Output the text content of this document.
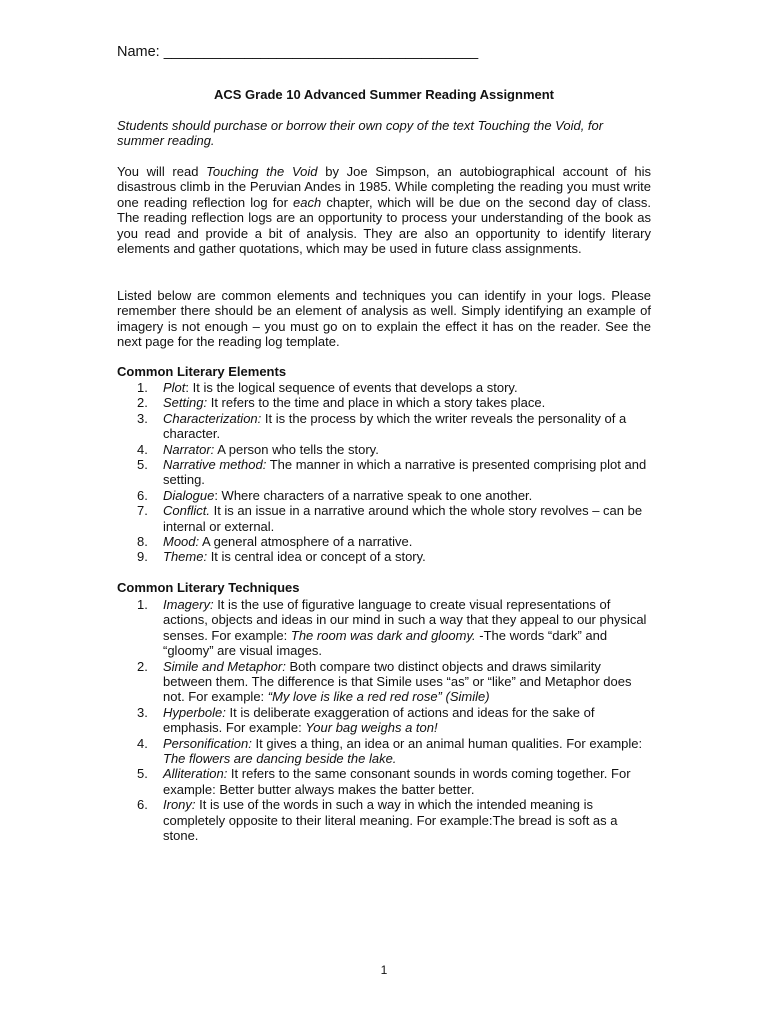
Name: _______________________________________
ACS Grade 10 Advanced Summer Reading Assignment

Students should purchase or borrow their own copy of the text Touching the Void, for summer reading.

You will read Touching the Void by Joe Simpson, an autobiographical account of his disastrous climb in the Peruvian Andes in 1985. While completing the reading you must write one reading reflection log for each chapter, which will be due on the second day of class. The reading reflection logs are an opportunity to process your understanding of the book as you read and provide a bit of analysis. They are also an opportunity to identify literary elements and gather quotations, which may be used in future class assignments.

Listed below are common elements and techniques you can identify in your logs. Please remember there should be an element of analysis as well. Simply identifying an example of imagery is not enough – you must go on to explain the effect it has on the reader. See the next page for the reading log template.

Common Literary Elements
1. Plot: It is the logical sequence of events that develops a story.
2. Setting: It refers to the time and place in which a story takes place.
3. Characterization: It is the process by which the writer reveals the personality of a character.
4. Narrator: A person who tells the story.
5. Narrative method: The manner in which a narrative is presented comprising plot and setting.
6. Dialogue: Where characters of a narrative speak to one another.
7. Conflict. It is an issue in a narrative around which the whole story revolves – can be internal or external.
8. Mood: A general atmosphere of a narrative.
9. Theme: It is central idea or concept of a story.
Common Literary Techniques
1. Imagery: It is the use of figurative language to create visual representations of actions, objects and ideas in our mind in such a way that they appeal to our physical senses. For example: The room was dark and gloomy. -The words “dark” and “gloomy” are visual images.
2. Simile and Metaphor: Both compare two distinct objects and draws similarity between them. The difference is that Simile uses “as” or “like” and Metaphor does not. For example: “My love is like a red red rose” (Simile)
3. Hyperbole: It is deliberate exaggeration of actions and ideas for the sake of emphasis. For example: Your bag weighs a ton!
4. Personification: It gives a thing, an idea or an animal human qualities. For example: The flowers are dancing beside the lake.
5. Alliteration: It refers to the same consonant sounds in words coming together. For example: Better butter always makes the batter better.
6. Irony: It is use of the words in such a way in which the intended meaning is completely opposite to their literal meaning. For example:The bread is soft as a stone.
1
